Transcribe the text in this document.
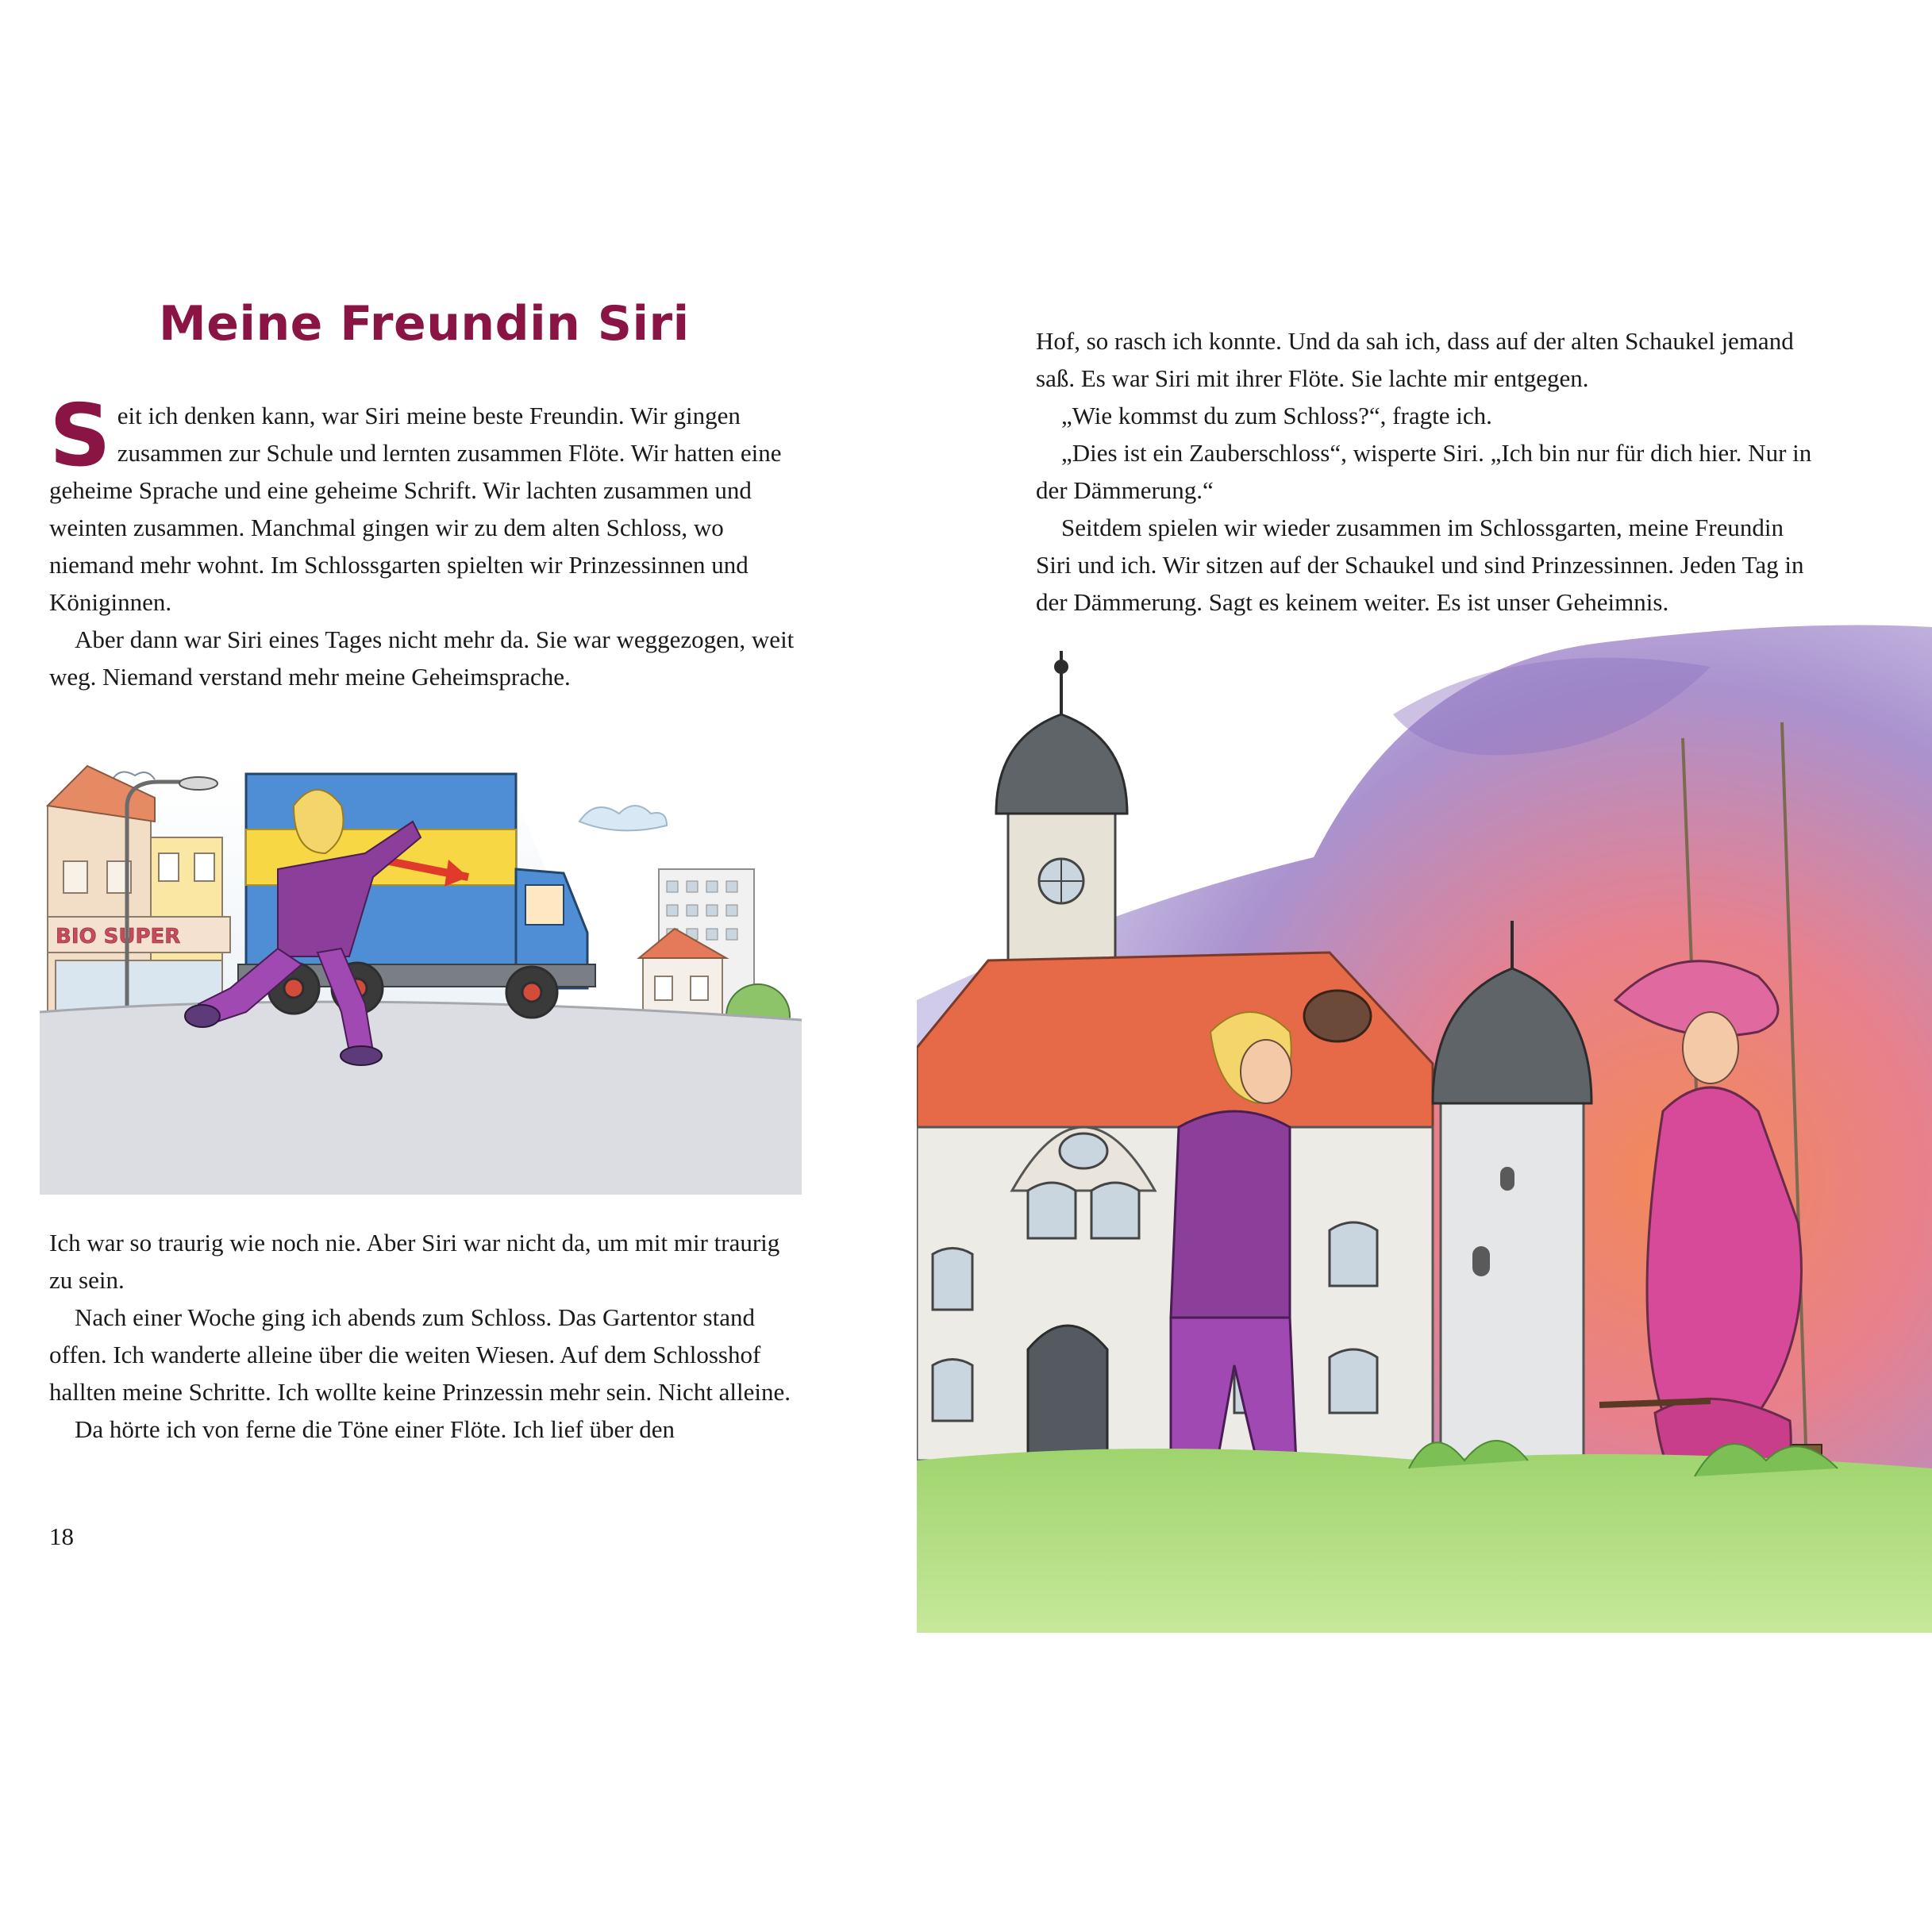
Meine Freundin Siri
S eit ich denken kann, war Siri meine beste Freundin. Wir gingen zusammen zur Schule und lernten zusammen Flöte. Wir hatten eine geheime Sprache und eine geheime Schrift. Wir lachten zusammen und weinten zusammen. Manchmal gingen wir zu dem alten Schloss, wo niemand mehr wohnt. Im Schlossgarten spielten wir Prinzessinnen und Königinnen.

Aber dann war Siri eines Tages nicht mehr da. Sie war weggezogen, weit weg. Niemand verstand mehr meine Geheimsprache.

BIO SUPER

Ich war so traurig wie noch nie. Aber Siri war nicht da, um mit mir traurig zu sein.

Nach einer Woche ging ich abends zum Schloss. Das Gartentor stand offen. Ich wanderte alleine über die weiten Wiesen. Auf dem Schlosshof hallten meine Schritte. Ich wollte keine Prinzessin mehr sein. Nicht alleine.

Da hörte ich von ferne die Töne einer Flöte. Ich lief über den

18

Hof, so rasch ich konnte. Und da sah ich, dass auf der alten Schaukel jemand saß. Es war Siri mit ihrer Flöte. Sie lachte mir entgegen.

„Wie kommst du zum Schloss?“, fragte ich.

„Dies ist ein Zauberschloss“, wisperte Siri. „Ich bin nur für dich hier. Nur in der Dämmerung.“

Seitdem spielen wir wieder zusammen im Schlossgarten, meine Freundin Siri und ich. Wir sitzen auf der Schaukel und sind Prinzessinnen. Jeden Tag in der Dämmerung. Sagt es keinem weiter. Es ist unser Geheimnis.
